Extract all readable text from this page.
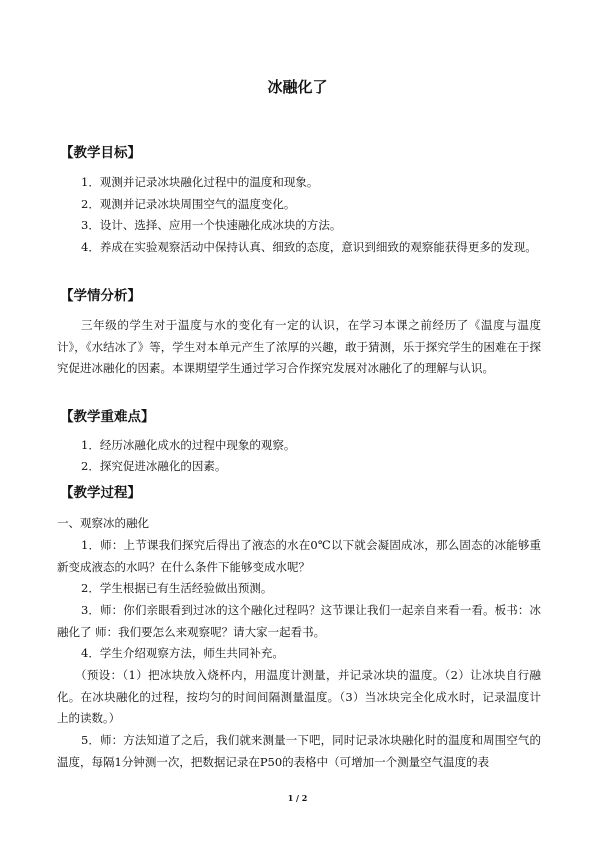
冰融化了
【教学目标】
1．观测并记录冰块融化过程中的温度和现象。
2．观测并记录冰块周围空气的温度变化。
3．设计、选择、应用一个快速融化成冰块的方法。
4．养成在实验观察活动中保持认真、细致的态度，意识到细致的观察能获得更多的发现。
【学情分析】
三年级的学生对于温度与水的变化有一定的认识，在学习本课之前经历了《温度与温度计》，《水结冰了》等，学生对本单元产生了浓厚的兴趣，敢于猜测，乐于探究学生的困难在于探究促进冰融化的因素。本课期望学生通过学习合作探究发展对冰融化了的理解与认识。
【教学重难点】
1．经历冰融化成水的过程中现象的观察。
2．探究促进冰融化的因素。
【教学过程】
一、观察冰的融化
1．师：上节课我们探究后得出了液态的水在0℃以下就会凝固成冰，那么固态的冰能够重新变成液态的水吗？在什么条件下能够变成水呢？
2．学生根据已有生活经验做出预测。
3．师：你们亲眼看到过冰的这个融化过程吗？这节课让我们一起亲自来看一看。板书：冰融化了 师：我们要怎么来观察呢？请大家一起看书。
4．学生介绍观察方法，师生共同补充。
（预设：（1）把冰块放入烧杯内，用温度计测量，并记录冰块的温度。（2）让冰块自行融化。在冰块融化的过程，按均匀的时间间隔测量温度。（3）当冰块完全化成水时，记录温度计上的读数。）
5．师：方法知道了之后，我们就来测量一下吧，同时记录冰块融化时的温度和周围空气的温度，每隔1分钟测一次，把数据记录在P50的表格中（可增加一个测量空气温度的表
1 / 2
